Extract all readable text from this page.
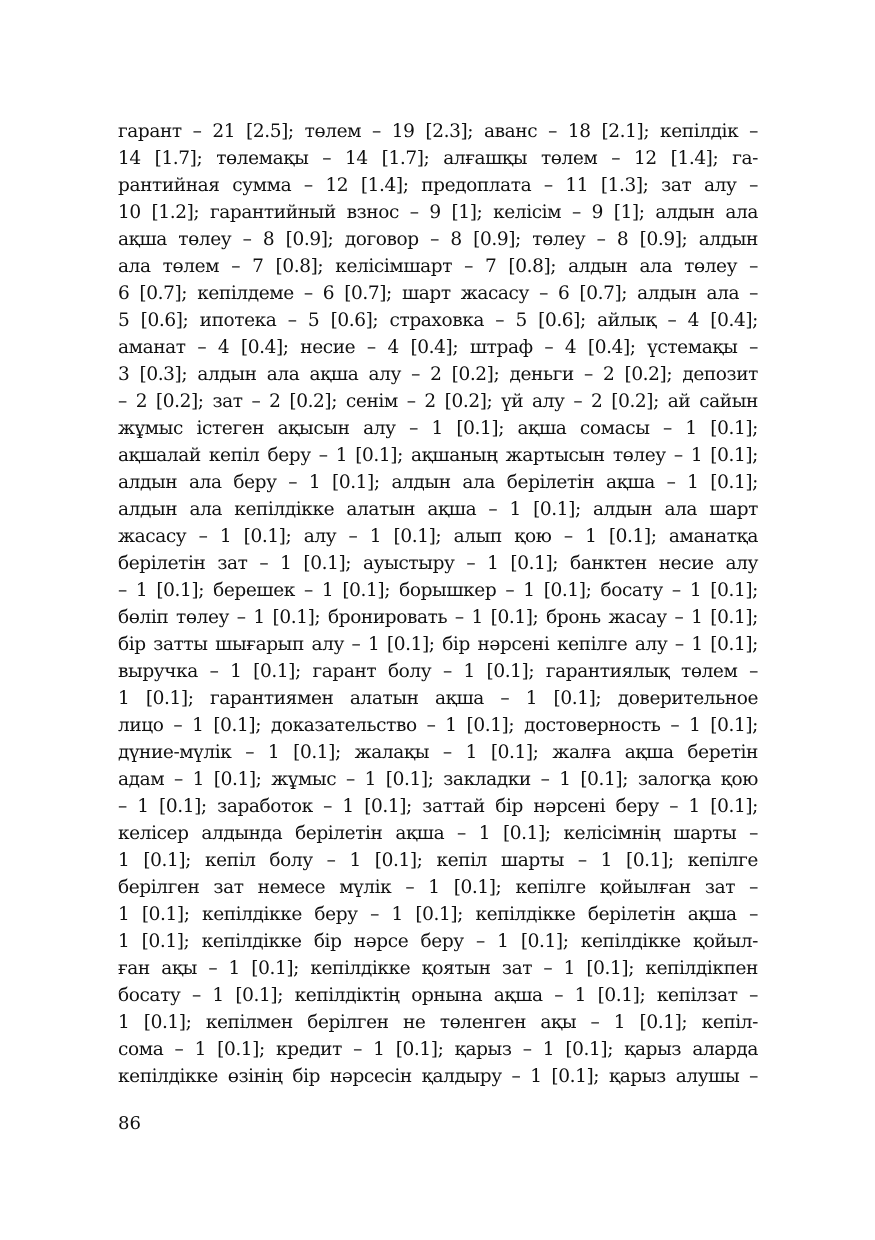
гарант – 21 [2.5]; төлем – 19 [2.3]; аванс – 18 [2.1]; кепілдік –
14 [1.7]; төлемақы – 14 [1.7]; алғашқы төлем – 12 [1.4]; га-
рантийная сумма – 12 [1.4]; предоплата – 11 [1.3]; зат алу –
10 [1.2]; гарантийный взнос – 9 [1]; келісім – 9 [1]; алдын ала
ақша төлеу – 8 [0.9]; договор – 8 [0.9]; төлеу – 8 [0.9]; алдын
ала төлем – 7 [0.8]; келісімшарт – 7 [0.8]; алдын ала төлеу –
6 [0.7]; кепілдеме – 6 [0.7]; шарт жасасу – 6 [0.7]; алдын ала –
5 [0.6]; ипотека – 5 [0.6]; страховка – 5 [0.6]; айлық – 4 [0.4];
аманат – 4 [0.4]; несие – 4 [0.4]; штраф – 4 [0.4]; үстемақы –
3 [0.3]; алдын ала ақша алу – 2 [0.2]; деньги – 2 [0.2]; депозит
– 2 [0.2]; зат – 2 [0.2]; сенім – 2 [0.2]; үй алу – 2 [0.2]; ай сайын
жұмыс істеген ақысын алу – 1 [0.1]; ақша сомасы – 1 [0.1];
ақшалай кепіл беру – 1 [0.1]; ақшаның жартысын төлеу – 1 [0.1];
алдын ала беру – 1 [0.1]; алдын ала берілетін ақша – 1 [0.1];
алдын ала кепілдікке алатын ақша – 1 [0.1]; алдын ала шарт
жасасу – 1 [0.1]; алу – 1 [0.1]; алып қою – 1 [0.1]; аманатқа
берілетін зат – 1 [0.1]; ауыстыру – 1 [0.1]; банктен несие алу
– 1 [0.1]; берешек – 1 [0.1]; борышкер – 1 [0.1]; босату – 1 [0.1];
бөліп төлеу – 1 [0.1]; бронировать – 1 [0.1]; бронь жасау – 1 [0.1];
бір затты шығарып алу – 1 [0.1]; бір нәрсені кепілге алу – 1 [0.1];
выручка – 1 [0.1]; гарант болу – 1 [0.1]; гарантиялық төлем –
1 [0.1]; гарантиямен алатын ақша – 1 [0.1]; доверительное
лицо – 1 [0.1]; доказательство – 1 [0.1]; достоверность – 1 [0.1];
дүние-мүлік – 1 [0.1]; жалақы – 1 [0.1]; жалға ақша беретін
адам – 1 [0.1]; жұмыс – 1 [0.1]; закладки – 1 [0.1]; залогқа қою
– 1 [0.1]; заработок – 1 [0.1]; заттай бір нәрсені беру – 1 [0.1];
келісер алдында берілетін ақша – 1 [0.1]; келісімнің шарты –
1 [0.1]; кепіл болу – 1 [0.1]; кепіл шарты – 1 [0.1]; кепілге
берілген зат немесе мүлік – 1 [0.1]; кепілге қойылған зат –
1 [0.1]; кепілдікке беру – 1 [0.1]; кепілдікке берілетін ақша –
1 [0.1]; кепілдікке бір нәрсе беру – 1 [0.1]; кепілдікке қойыл-
ған ақы – 1 [0.1]; кепілдікке қоятын зат – 1 [0.1]; кепілдікпен
босату – 1 [0.1]; кепілдіктің орнына ақша – 1 [0.1]; кепілзат –
1 [0.1]; кепілмен берілген не төленген ақы – 1 [0.1]; кепіл-
сома – 1 [0.1]; кредит – 1 [0.1]; қарыз – 1 [0.1]; қарыз аларда
кепілдікке өзінің бір нәрсесін қалдыру – 1 [0.1]; қарыз алушы –
86
